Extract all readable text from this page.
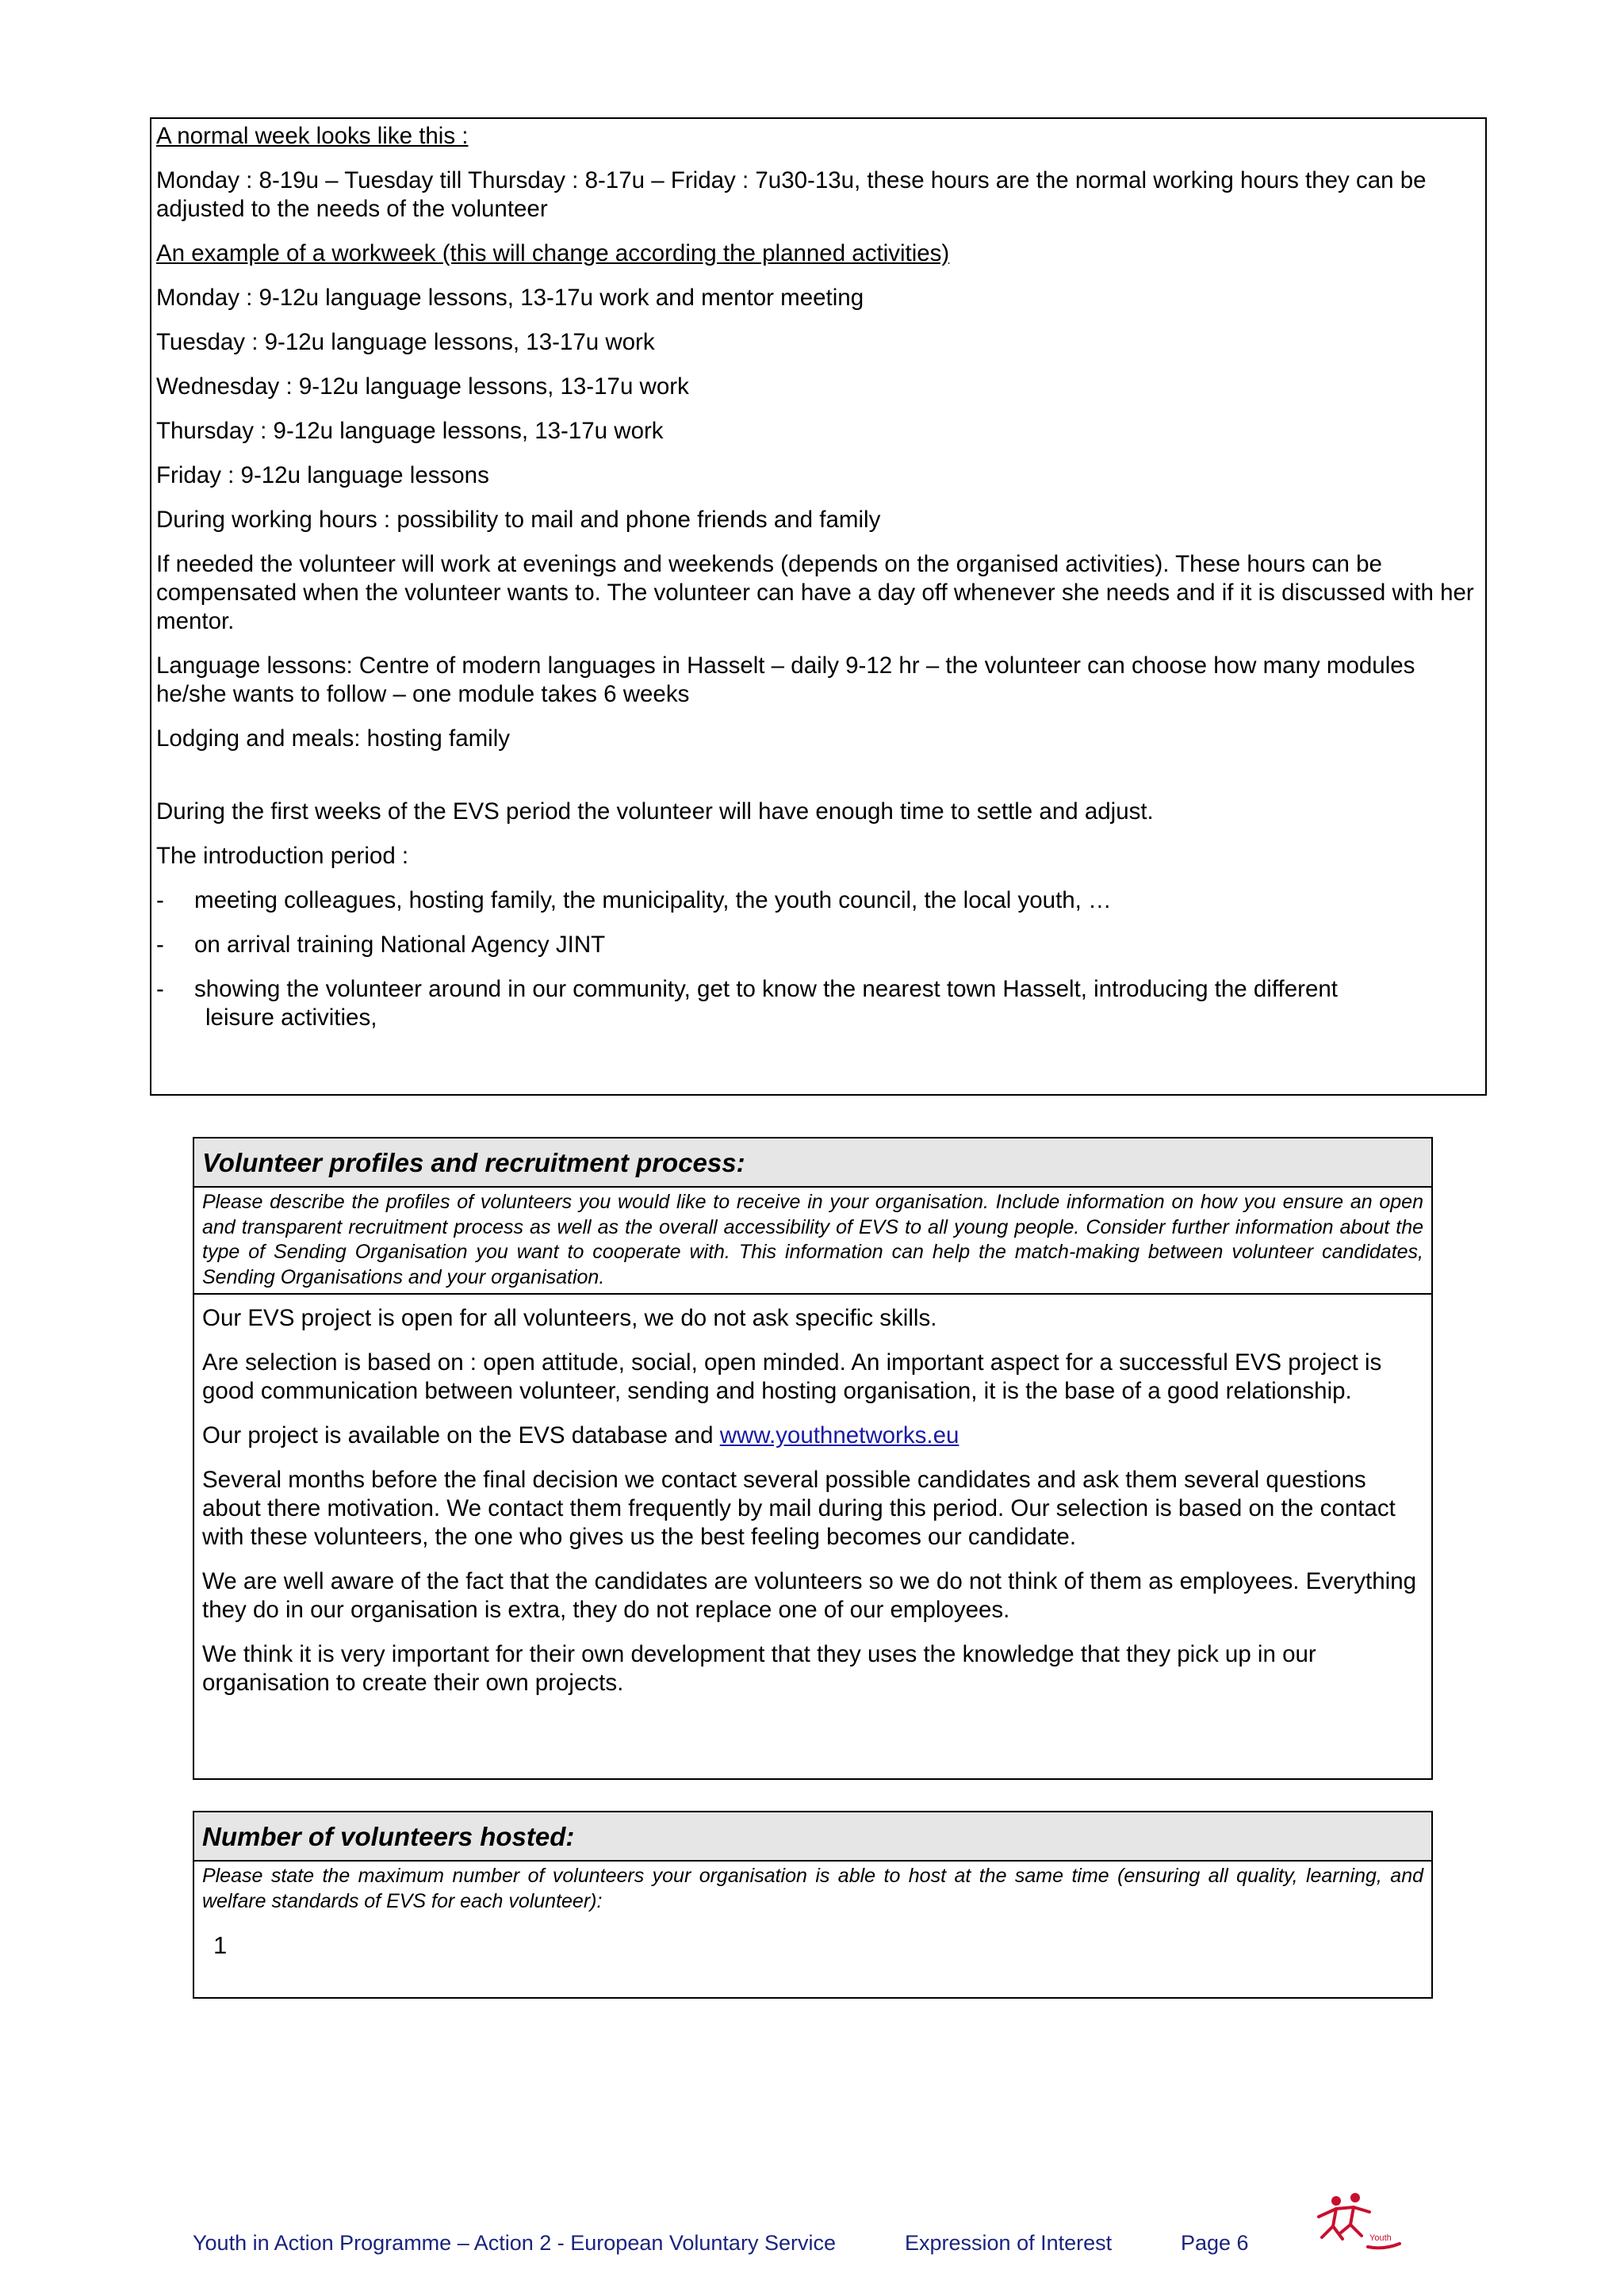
A normal week looks like this :

Monday : 8-19u – Tuesday till Thursday : 8-17u – Friday : 7u30-13u, these hours are the normal working hours they can be adjusted to the needs of the volunteer

An example of a workweek (this will change according the planned activities)

Monday : 9-12u language lessons, 13-17u work and mentor meeting

Tuesday : 9-12u language lessons, 13-17u work

Wednesday : 9-12u language lessons, 13-17u work

Thursday : 9-12u language lessons, 13-17u work

Friday : 9-12u language lessons

During working hours : possibility to mail and phone friends and family

If needed the volunteer will work at evenings and weekends (depends on the organised activities). These hours can be compensated when the volunteer wants to. The volunteer can have a day off whenever she needs and if it is discussed with her mentor.

Language lessons: Centre of modern languages in Hasselt – daily 9-12 hr – the volunteer can choose how many modules he/she wants to follow – one module takes 6 weeks

Lodging and meals: hosting family

During the first weeks of the EVS period the volunteer will have enough time to settle and adjust.

The introduction period :

- meeting colleagues, hosting family, the municipality, the youth council, the local youth, …
- on arrival training National Agency JINT
- showing the volunteer around in our community, get to know the nearest town Hasselt, introducing the different
leisure activities,
Volunteer profiles and recruitment process:
Please describe the profiles of volunteers you would like to receive in your organisation. Include information on how you ensure an open and transparent recruitment process as well as the overall accessibility of EVS to all young people. Consider further information about the type of Sending Organisation you want to cooperate with. This information can help the match-making between volunteer candidates, Sending Organisations and your organisation.

Our EVS project is open for all volunteers, we do not ask specific skills.

Are selection is based on : open attitude, social, open minded. An important aspect for a successful EVS project is good communication between volunteer, sending and hosting organisation, it is the base of a good relationship.

Our project is available on the EVS database and www.youthnetworks.eu

Several months before the final decision we contact several possible candidates and ask them several questions about there motivation. We contact them frequently by mail during this period. Our selection is based on the contact with these volunteers, the one who gives us the best feeling becomes our candidate.

We are well aware of the fact that the candidates are volunteers so we do not think of them as employees. Everything they do in our organisation is extra, they do not replace one of our employees.

We think it is very important for their own development that they uses the knowledge that they pick up in our organisation to create their own projects.

Number of volunteers hosted:
Please state the maximum number of volunteers your organisation is able to host at the same time (ensuring all quality, learning, and welfare standards of EVS for each volunteer):
1
Youth in Action Programme – Action 2 - European Voluntary Service	Expression of Interest	Page 6	Youth
